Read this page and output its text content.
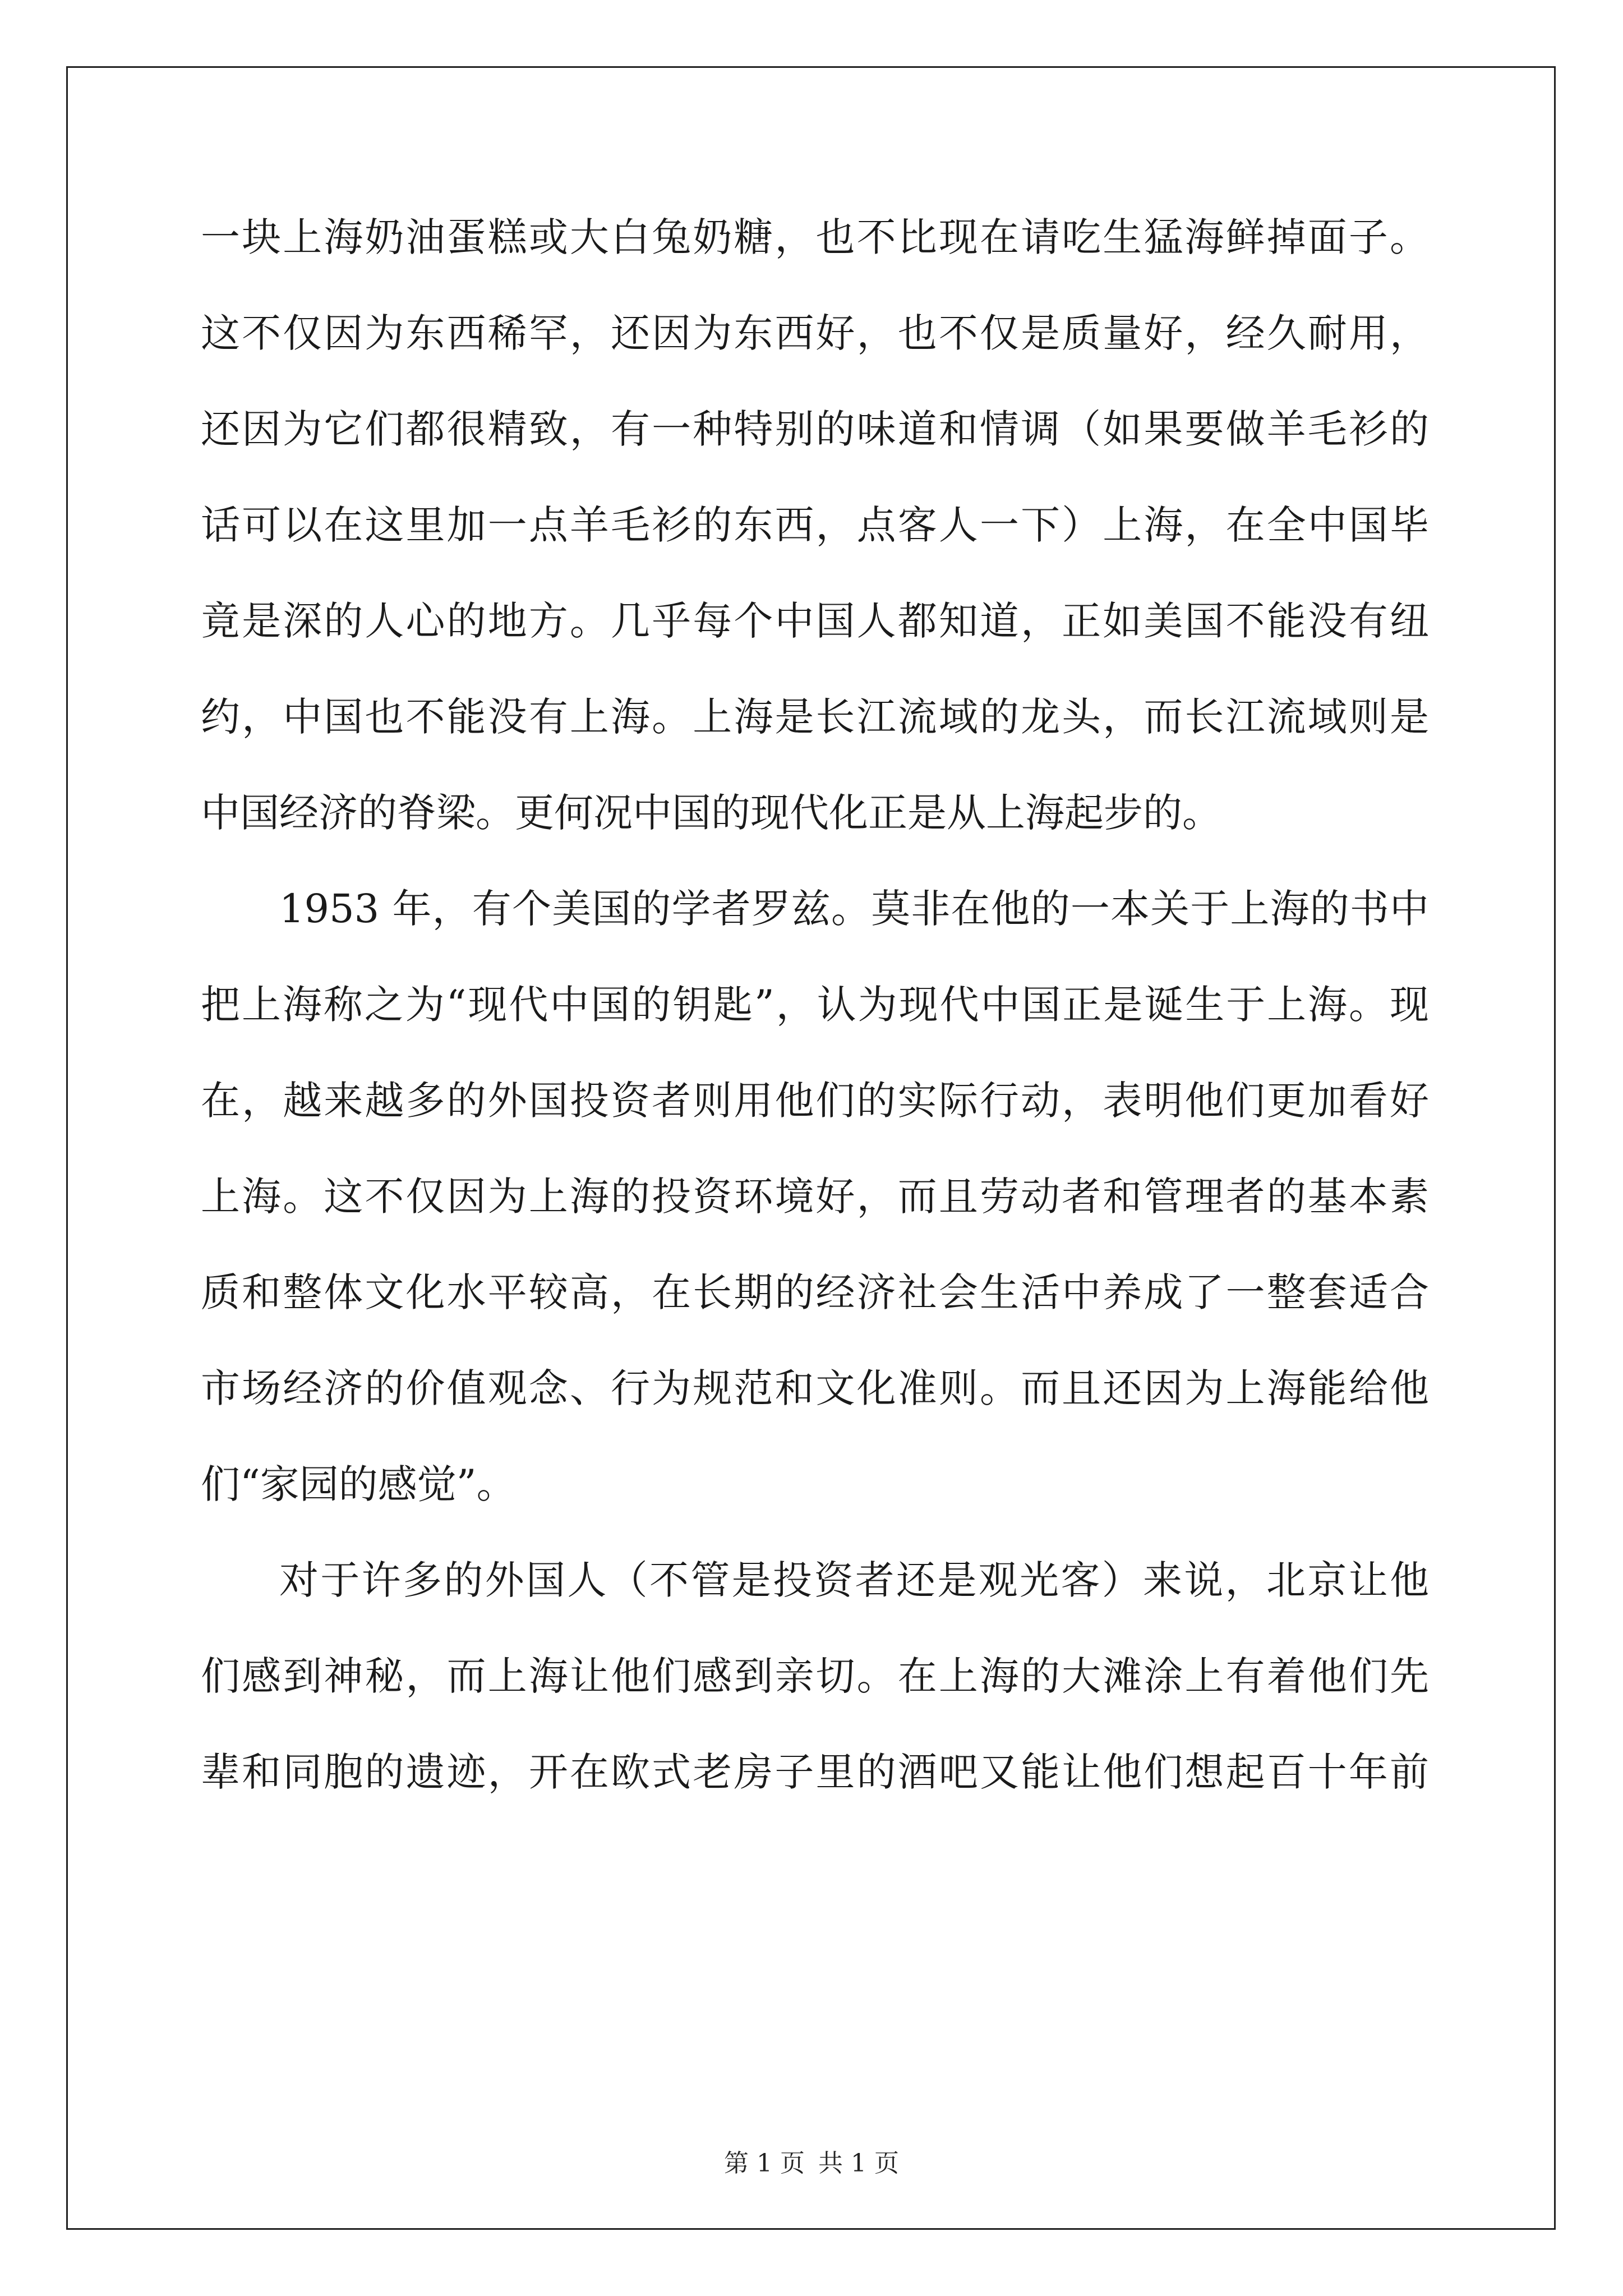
一块上海奶油蛋糕或大白兔奶糖，也不比现在请吃生猛海鲜掉面子。
这不仅因为东西稀罕，还因为东西好，也不仅是质量好，经久耐用，
还因为它们都很精致，有一种特别的味道和情调（如果要做羊毛衫的
话可以在这里加一点羊毛衫的东西，点客人一下）上海，在全中国毕
竟是深的人心的地方。几乎每个中国人都知道，正如美国不能没有纽
约，中国也不能没有上海。上海是长江流域的龙头，而长江流域则是
中国经济的脊梁。更何况中国的现代化正是从上海起步的。
1953 年，有个美国的学者罗兹。莫非在他的一本关于上海的书中
把上海称之为“现代中国的钥匙”，认为现代中国正是诞生于上海。现
在，越来越多的外国投资者则用他们的实际行动，表明他们更加看好
上海。这不仅因为上海的投资环境好，而且劳动者和管理者的基本素
质和整体文化水平较高，在长期的经济社会生活中养成了一整套适合
市场经济的价值观念、行为规范和文化准则。而且还因为上海能给他
们“家园的感觉”。
对于许多的外国人（不管是投资者还是观光客）来说，北京让他
们感到神秘，而上海让他们感到亲切。在上海的大滩涂上有着他们先
辈和同胞的遗迹，开在欧式老房子里的酒吧又能让他们想起百十年前
第 1 页 共 1 页
